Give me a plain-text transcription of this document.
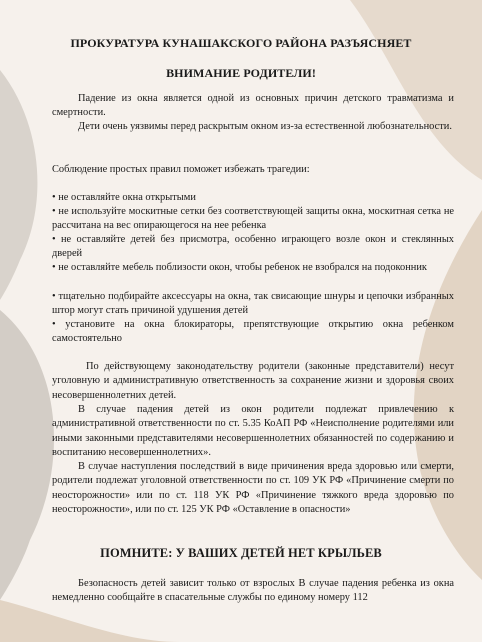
ПРОКУРАТУРА КУНАШАКСКОГО РАЙОНА РАЗЪЯСНЯЕТ
ВНИМАНИЕ РОДИТЕЛИ!

Падение из окна является одной из основных причин детского травматизма и смертности.

Дети очень уязвимы перед раскрытым окном из-за естественной любознательности.

Соблюдение простых правил поможет избежать трагедии:

• не оставляйте окна открытыми

• не используйте москитные сетки без соответствующей защиты окна, москитная сетка не рассчитана на вес опирающегося на нее ребенка

• не оставляйте детей без присмотра, особенно играющего возле окон и стеклянных дверей

• не оставляйте мебель поблизости окон, чтобы ребенок не взобрался на подоконник

• тщательно подбирайте аксессуары на окна, так свисающие шнуры и цепочки избранных штор могут стать причиной удушения детей

• установите на окна блокираторы, препятствующие открытию окна ребенком самостоятельно

По действующему законодательству родители (законные представители) несут уголовную и административную ответственность за сохранение жизни и здоровья своих несовершеннолетних детей.

В случае падения детей из окон родители подлежат привлечению к административной ответственности по ст. 5.35 КоАП РФ «Неисполнение родителями или иными законными представителями несовершеннолетних обязанностей по содержанию и воспитанию несовершеннолетних».

В случае наступления последствий в виде причинения вреда здоровью или смерти, родители подлежат уголовной ответственности по ст. 109 УК РФ «Причинение смерти по неосторожности» или по ст. 118 УК РФ «Причинение тяжкого вреда здоровью по неосторожности», или по ст. 125 УК РФ «Оставление в опасности»

ПОМНИТЕ: У ВАШИХ ДЕТЕЙ НЕТ КРЫЛЬЕВ

Безопасность детей зависит только от взрослых В случае падения ребенка из окна немедленно сообщайте в спасательные службы по единому номеру 112
